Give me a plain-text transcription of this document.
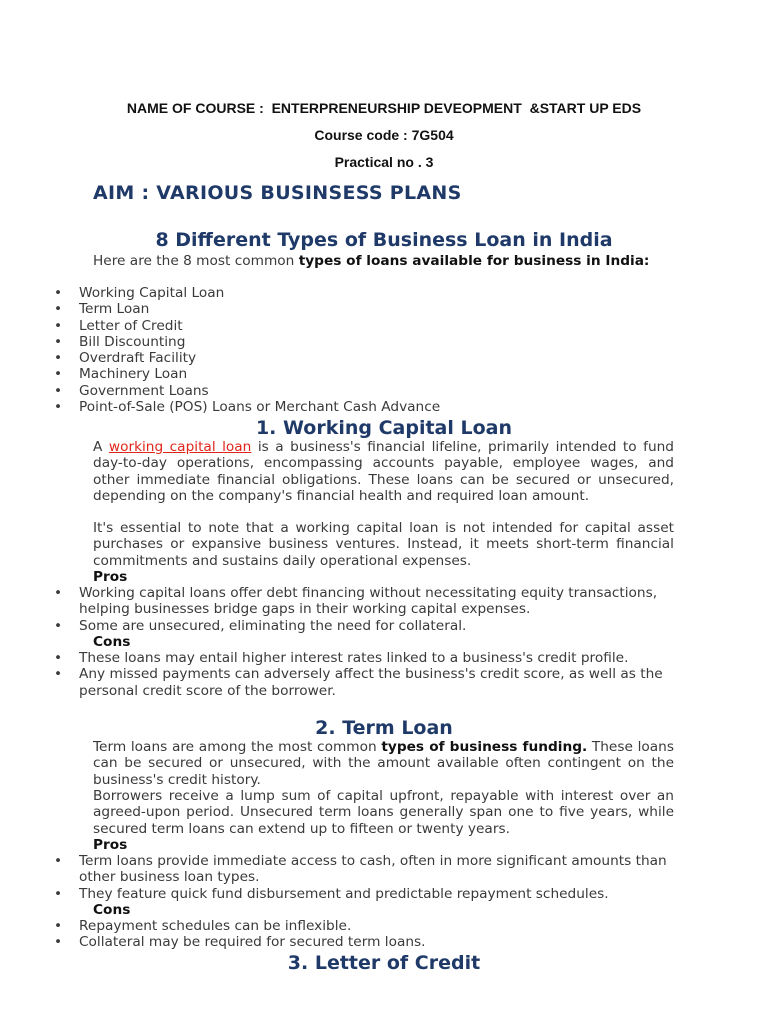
NAME OF COURSE :  ENTERPRENEURSHIP DEVEOPMENT  &START UP EDS
Course code : 7G504
Practical no . 3
AIM : VARIOUS BUSINSESS PLANS
8 Different Types of Business Loan in India

Here are the 8 most common types of loans available for business in India:

• Working Capital Loan
• Term Loan
• Letter of Credit
• Bill Discounting
• Overdraft Facility
• Machinery Loan
• Government Loans
• Point-of-Sale (POS) Loans or Merchant Cash Advance
1. Working Capital Loan

A working capital loan is a business's financial lifeline, primarily intended to fund day-to-day operations, encompassing accounts payable, employee wages, and other immediate financial obligations. These loans can be secured or unsecured, depending on the company's financial health and required loan amount.

It's essential to note that a working capital loan is not intended for capital asset purchases or expansive business ventures. Instead, it meets short-term financial commitments and sustains daily operational expenses.

Pros
• Working capital loans offer debt financing without necessitating equity transactions, helping businesses bridge gaps in their working capital expenses.
• Some are unsecured, eliminating the need for collateral.
Cons
• These loans may entail higher interest rates linked to a business's credit profile.
• Any missed payments can adversely affect the business's credit score, as well as the personal credit score of the borrower.
2. Term Loan

Term loans are among the most common types of business funding. These loans can be secured or unsecured, with the amount available often contingent on the business's credit history.

Borrowers receive a lump sum of capital upfront, repayable with interest over an agreed-upon period. Unsecured term loans generally span one to five years, while secured term loans can extend up to fifteen or twenty years.

Pros
• Term loans provide immediate access to cash, often in more significant amounts than other business loan types.
• They feature quick fund disbursement and predictable repayment schedules.
Cons
• Repayment schedules can be inflexible.
• Collateral may be required for secured term loans.
3. Letter of Credit
